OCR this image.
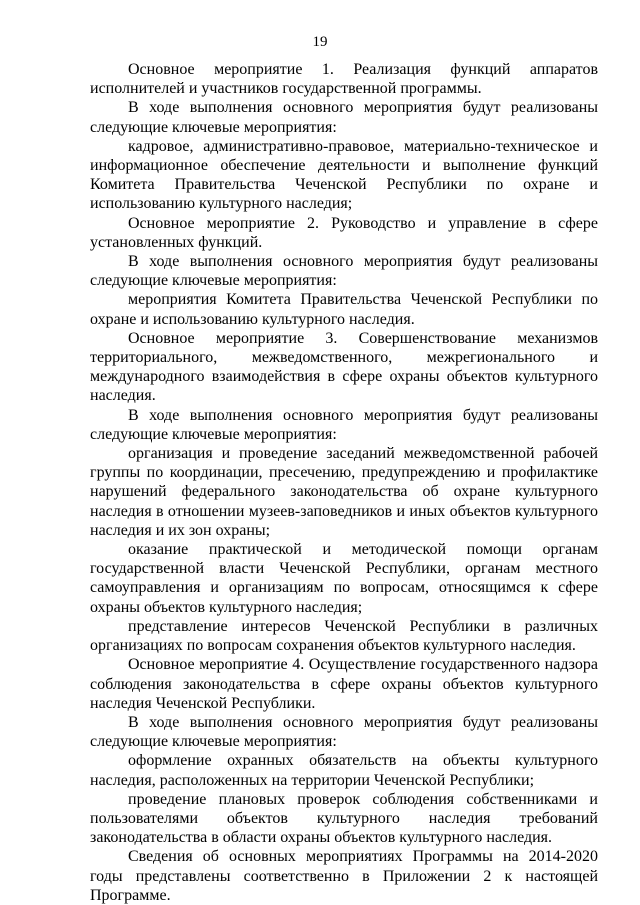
19

Основное мероприятие 1. Реализация функций аппаратов исполнителей и участников государственной программы.

В ходе выполнения основного мероприятия будут реализованы следующие ключевые мероприятия:

кадровое, административно-правовое, материально-техническое и информационное обеспечение деятельности и выполнение функций Комитета Правительства Чеченской Республики по охране и использованию культурного наследия;

Основное мероприятие 2. Руководство и управление в сфере установленных функций.

В ходе выполнения основного мероприятия будут реализованы следующие ключевые мероприятия:

мероприятия Комитета Правительства Чеченской Республики по охране и использованию культурного наследия.

Основное мероприятие 3. Совершенствование механизмов территориального, межведомственного, межрегионального и международного взаимодействия в сфере охраны объектов культурного наследия.

В ходе выполнения основного мероприятия будут реализованы следующие ключевые мероприятия:

организация и проведение заседаний межведомственной рабочей группы по координации, пресечению, предупреждению и профилактике нарушений федерального законодательства об охране культурного наследия в отношении музеев-заповедников и иных объектов культурного наследия и их зон охраны;

оказание практической и методической помощи органам государственной власти Чеченской Республики, органам местного самоуправления и организациям по вопросам, относящимся к сфере охраны объектов культурного наследия;

представление интересов Чеченской Республики в различных организациях по вопросам сохранения объектов культурного наследия.

Основное мероприятие 4. Осуществление государственного надзора соблюдения законодательства в сфере охраны объектов культурного наследия Чеченской Республики.

В ходе выполнения основного мероприятия будут реализованы следующие ключевые мероприятия:

оформление охранных обязательств на объекты культурного наследия, расположенных на территории Чеченской Республики;

проведение плановых проверок соблюдения собственниками и пользователями объектов культурного наследия требований законодательства в области охраны объектов культурного наследия.

Сведения об основных мероприятиях Программы на 2014-2020 годы представлены соответственно в Приложении 2 к настоящей Программе.
